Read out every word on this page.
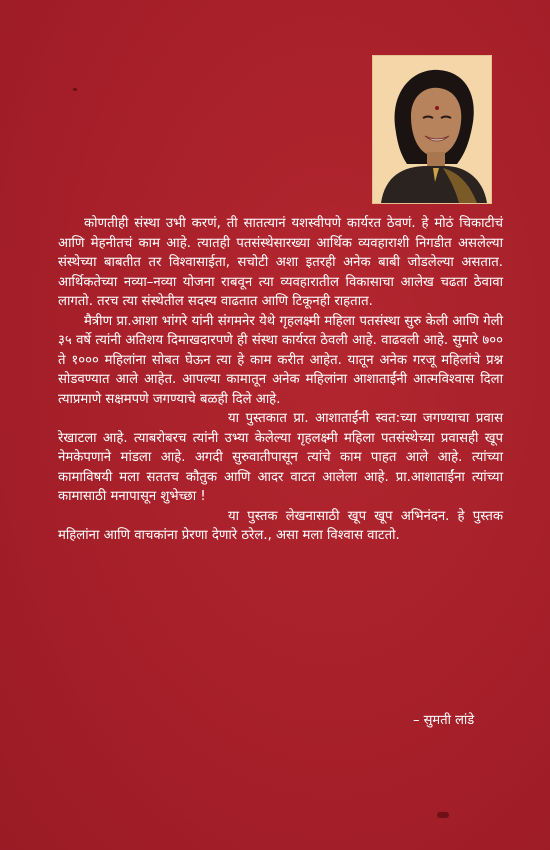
कोणतीही संस्था उभी करणं, ती सातत्यानं यशस्वीपणे कार्यरत ठेवणं. हे मोठं चिकाटीचं आणि मेहनीतचं काम आहे. त्यातही पतसंस्थेसारख्या आर्थिक व्यवहाराशी निगडीत असलेल्या संस्थेच्या बाबतीत तर विश्वासाईता, सचोटी अशा इतरही अनेक बाबी जोडलेल्या असतात. आर्थिकतेच्या नव्या–नव्या योजना राबवून त्या व्यवहारातील विकासाचा आलेख चढता ठेवावा लागतो. तरच त्या संस्थेतील सदस्य वाढतात आणि टिकूनही राहतात.

मैत्रीण प्रा.आशा भांगरे यांनी संगमनेर येथे गृहलक्ष्मी महिला पतसंस्था सुरु केली आणि गेली ३५ वर्षे त्यांनी अतिशय दिमाखदारपणे ही संस्था कार्यरत ठेवली आहे. वाढवली आहे. सुमारे ७०० ते १००० महिलांना सोबत घेऊन त्या हे काम करीत आहेत. यातून अनेक गरजू महिलांचे प्रश्न सोडवण्यात आले आहेत. आपल्या कामातून अनेक महिलांना आशाताईंनी आत्मविश्वास दिला त्याप्रमाणे सक्षमपणे जगण्याचे बळही दिले आहे.

या पुस्तकात प्रा. आशाताईंनी स्वत:च्या जगण्याचा प्रवास रेखाटला आहे. त्याबरोबरच त्यांनी उभ्या केलेल्या गृहलक्ष्मी महिला पतसंस्थेच्या प्रवासही खूप नेमकेपणाने मांडला आहे. अगदी सुरुवातीपासून त्यांचे काम पाहत आले आहे. त्यांच्या कामाविषयी मला सततच कौतुक आणि आदर वाटत आलेला आहे. प्रा.आशाताईंना त्यांच्या कामासाठी मनापासून शुभेच्छा !

या पुस्तक लेखनासाठी खूप खूप अभिनंदन. हे पुस्तक महिलांना आणि वाचकांना प्रेरणा देणारे ठरेल., असा मला विश्वास वाटतो.

– सुमती लांडे
